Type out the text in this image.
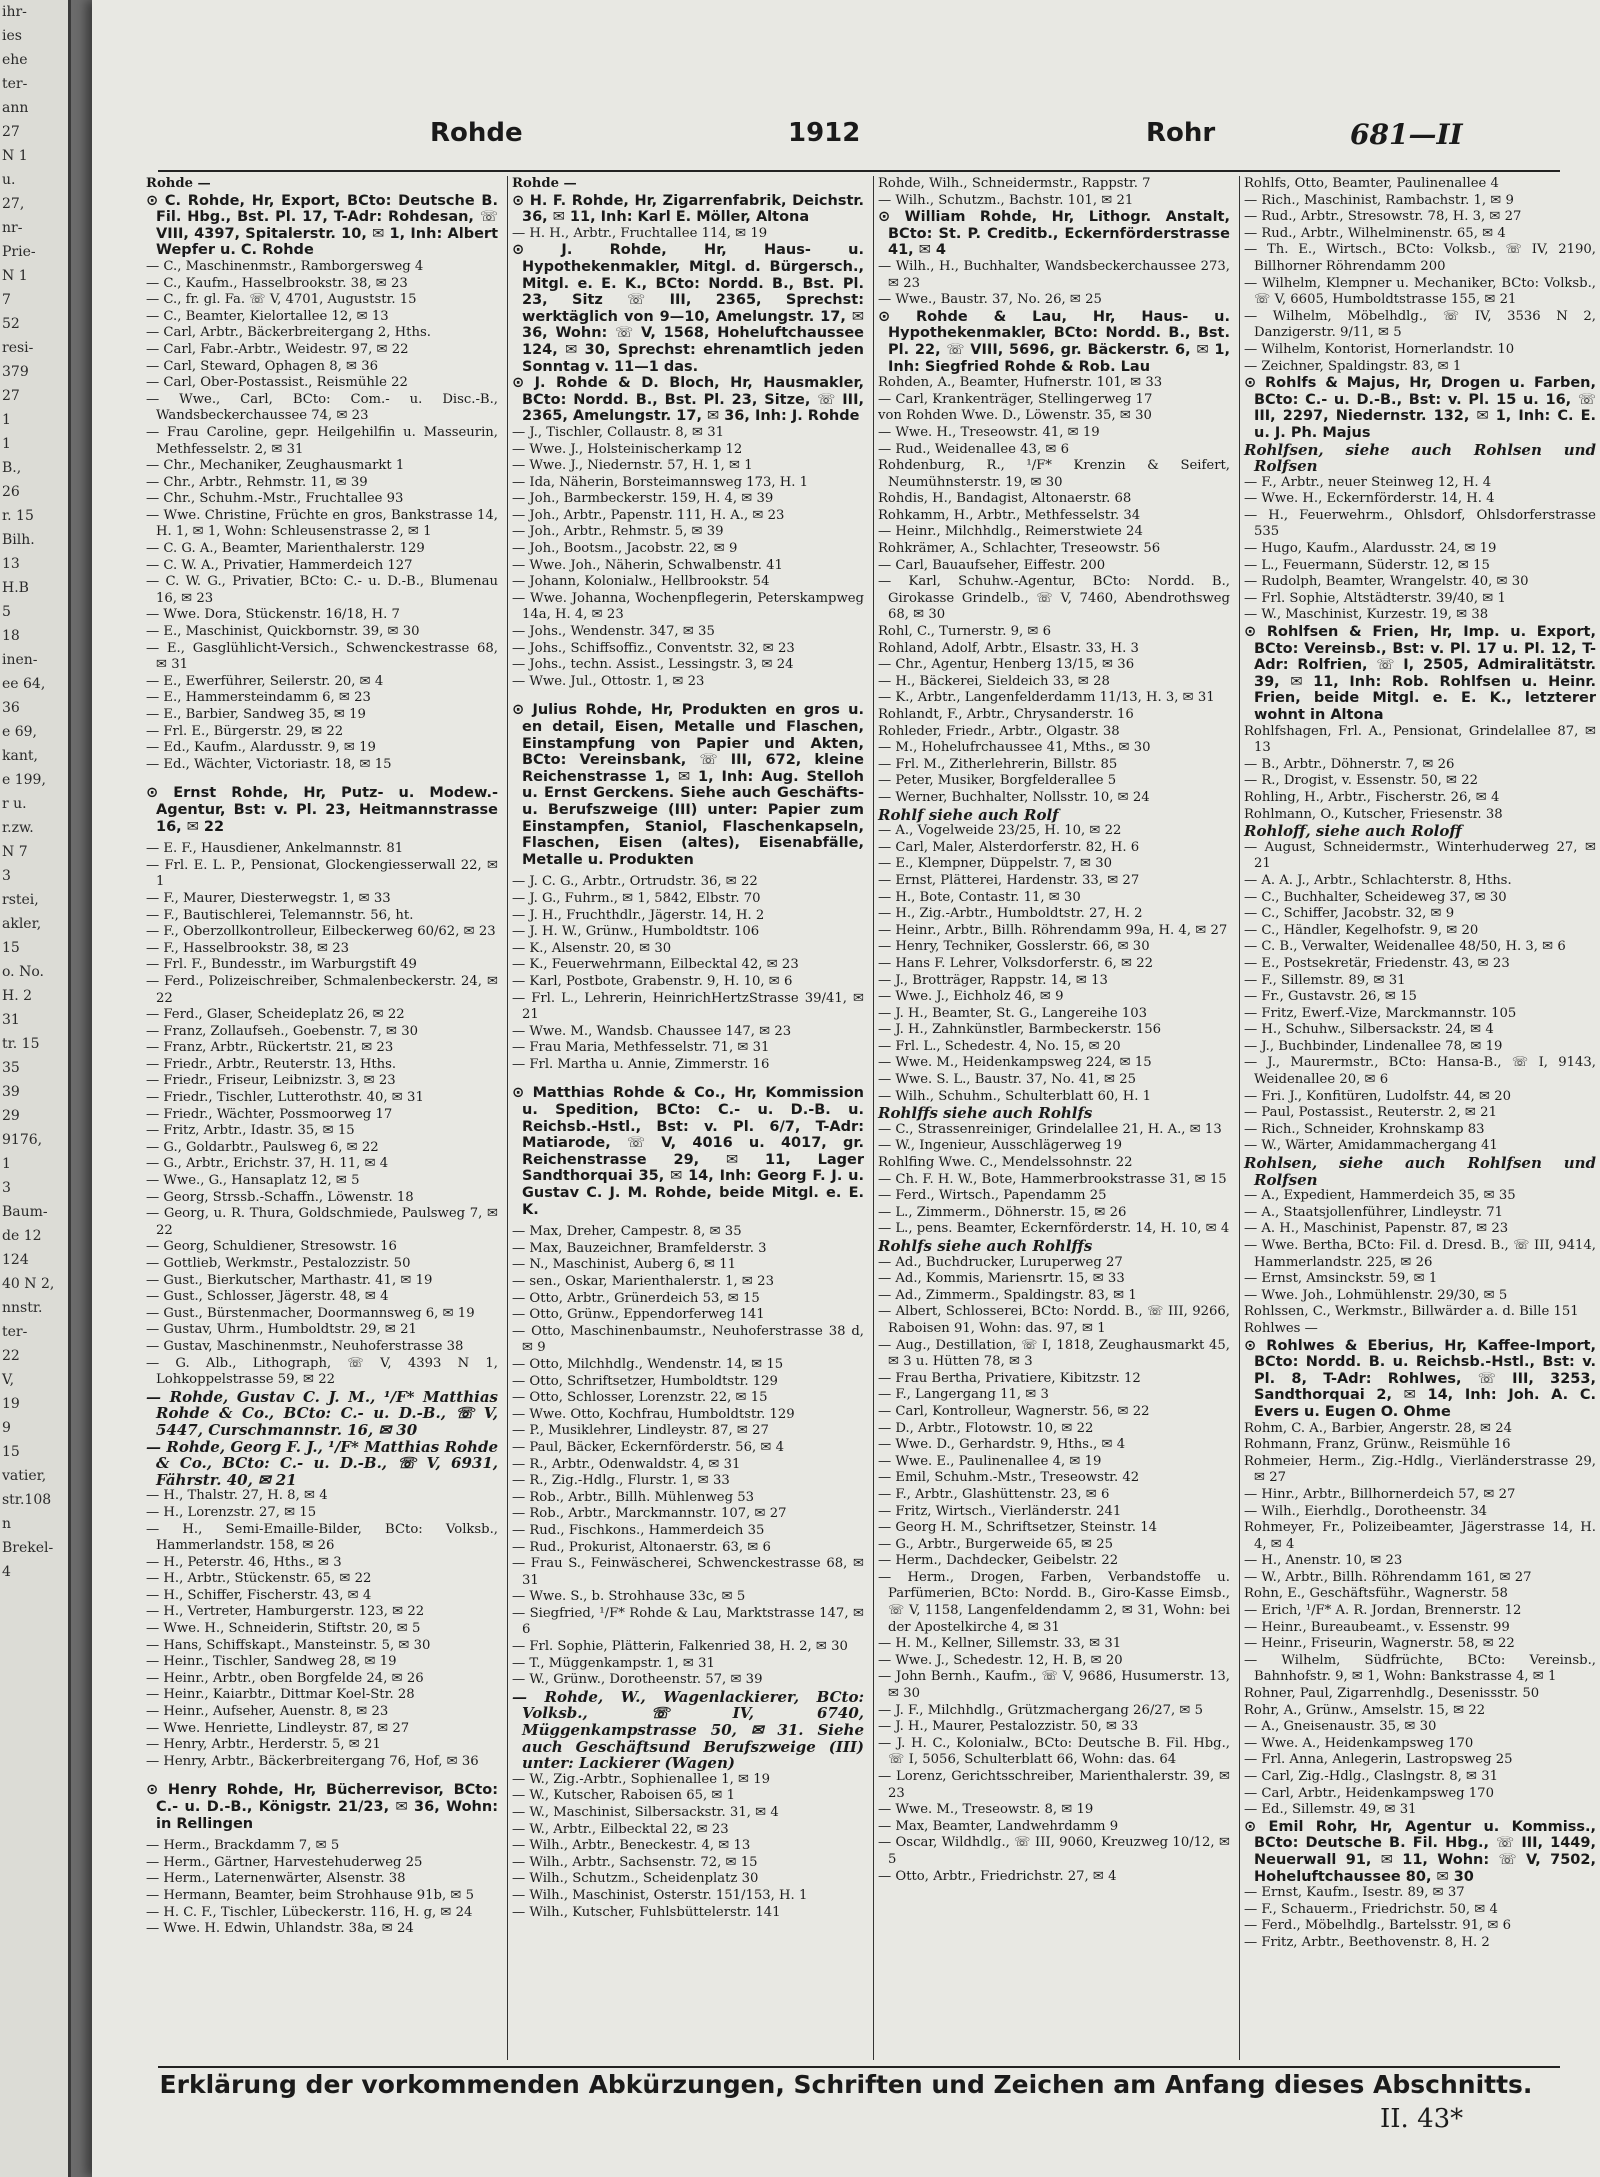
ihr-
ies
ehe
ter-
ann
27
N 1
u.
27,
nr-
Prie-
N 1
7
52
resi-
379
27
1
1
B.,
26
r. 15
Bilh.
13
H.B
5
18
inen-
ee 64,
36
e 69,
kant,
e 199,
r u.
r.zw.
N 7
3
rstei,
akler,
15
o. No.
H. 2
31
tr. 15
35
39
29
9176,
1
3
Baum-
de 12
124
40 N 2,
nnstr.
ter-
22
V,
19
9
15
vatier,
str.108
n
Brekel-
4
Rohde	1912	Rohr	681—II

Rohde —

⊙ C. Rohde, Hr, Export, BCto: Deutsche B. Fil. Hbg., Bst. Pl. 17, T-Adr: Rohdesan, ☏ VIII, 4397, Spitalerstr. 10, ✉ 1, Inh: Albert Wepfer u. C. Rohde

— C., Maschinenmstr., Ramborgersweg 4

— C., Kaufm., Hasselbrookstr. 38, ✉ 23

— C., fr. gl. Fa. ☏ V, 4701, Auguststr. 15

— C., Beamter, Kielortallee 12, ✉ 13

— Carl, Arbtr., Bäckerbreitergang 2, Hths.

— Carl, Fabr.-Arbtr., Weidestr. 97, ✉ 22

— Carl, Steward, Ophagen 8, ✉ 36

— Carl, Ober-Postassist., Reismühle 22

— Wwe., Carl, BCto: Com.- u. Disc.-B., Wandsbeckerchaussee 74, ✉ 23

— Frau Caroline, gepr. Heilgehilfin u. Masseurin, Methfesselstr. 2, ✉ 31

— Chr., Mechaniker, Zeughausmarkt 1

— Chr., Arbtr., Rehmstr. 11, ✉ 39

— Chr., Schuhm.-Mstr., Fruchtallee 93

— Wwe. Christine, Früchte en gros, Bankstrasse 14, H. 1, ✉ 1, Wohn: Schleusenstrasse 2, ✉ 1

— C. G. A., Beamter, Marienthalerstr. 129

— C. W. A., Privatier, Hammerdeich 127

— C. W. G., Privatier, BCto: C.- u. D.-B., Blumenau 16, ✉ 23

— Wwe. Dora, Stückenstr. 16/18, H. 7

— E., Maschinist, Quickbornstr. 39, ✉ 30

— E., Gasglühlicht-Versich., Schwenckestrasse 68, ✉ 31

— E., Ewerführer, Seilerstr. 20, ✉ 4

— E., Hammersteindamm 6, ✉ 23

— E., Barbier, Sandweg 35, ✉ 19

— Frl. E., Bürgerstr. 29, ✉ 22

— Ed., Kaufm., Alardusstr. 9, ✉ 19

— Ed., Wächter, Victoriastr. 18, ✉ 15

⊙ Ernst Rohde, Hr, Putz- u. Modew.-Agentur, Bst: v. Pl. 23, Heitmannstrasse 16, ✉ 22

— E. F., Hausdiener, Ankelmannstr. 81

— Frl. E. L. P., Pensionat, Glockengiesserwall 22, ✉ 1

— F., Maurer, Diesterwegstr. 1, ✉ 33

— F., Bautischlerei, Telemannstr. 56, ht.

— F., Oberzollkontrolleur, Eilbeckerweg 60/62, ✉ 23

— F., Hasselbrookstr. 38, ✉ 23

— Frl. F., Bundesstr., im Warburgstift 49

— Ferd., Polizeischreiber, Schmalenbeckerstr. 24, ✉ 22

— Ferd., Glaser, Scheideplatz 26, ✉ 22

— Franz, Zollaufseh., Goebenstr. 7, ✉ 30

— Franz, Arbtr., Rückertstr. 21, ✉ 23

— Friedr., Arbtr., Reuterstr. 13, Hths.

— Friedr., Friseur, Leibnizstr. 3, ✉ 23

— Friedr., Tischler, Lutterothstr. 40, ✉ 31

— Friedr., Wächter, Possmoorweg 17

— Fritz, Arbtr., Idastr. 35, ✉ 15

— G., Goldarbtr., Paulsweg 6, ✉ 22

— G., Arbtr., Erichstr. 37, H. 11, ✉ 4

— Wwe., G., Hansaplatz 12, ✉ 5

— Georg, Strssb.-Schaffn., Löwenstr. 18

— Georg, u. R. Thura, Goldschmiede, Paulsweg 7, ✉ 22

— Georg, Schuldiener, Stresowstr. 16

— Gottlieb, Werkmstr., Pestalozzistr. 50

— Gust., Bierkutscher, Marthastr. 41, ✉ 19

— Gust., Schlosser, Jägerstr. 48, ✉ 4

— Gust., Bürstenmacher, Doormannsweg 6, ✉ 19

— Gustav, Uhrm., Humboldtstr. 29, ✉ 21

— Gustav, Maschinenmstr., Neuhoferstrasse 38

— G. Alb., Lithograph, ☏ V, 4393 N 1, Lohkoppelstrasse 59, ✉ 22

— Rohde, Gustav C. J. M., ¹/F* Matthias Rohde & Co., BCto: C.- u. D.-B., ☏ V, 5447, Curschmannstr. 16, ✉ 30

— Rohde, Georg F. J., ¹/F* Matthias Rohde & Co., BCto: C.- u. D.-B., ☏ V, 6931, Fährstr. 40, ✉ 21

— H., Thalstr. 27, H. 8, ✉ 4

— H., Lorenzstr. 27, ✉ 15

— H., Semi-Emaille-Bilder, BCto: Volksb., Hammerlandstr. 158, ✉ 26

— H., Peterstr. 46, Hths., ✉ 3

— H., Arbtr., Stückenstr. 65, ✉ 22

— H., Schiffer, Fischerstr. 43, ✉ 4

— H., Vertreter, Hamburgerstr. 123, ✉ 22

— Wwe. H., Schneiderin, Stiftstr. 20, ✉ 5

— Hans, Schiffskapt., Mansteinstr. 5, ✉ 30

— Heinr., Tischler, Sandweg 28, ✉ 19

— Heinr., Arbtr., oben Borgfelde 24, ✉ 26

— Heinr., Kaiarbtr., Dittmar Koel-Str. 28

— Heinr., Aufseher, Auenstr. 8, ✉ 23

— Wwe. Henriette, Lindleystr. 87, ✉ 27

— Henry, Arbtr., Herderstr. 5, ✉ 21

— Henry, Arbtr., Bäckerbreitergang 76, Hof, ✉ 36

⊙ Henry Rohde, Hr, Bücherrevisor, BCto: C.- u. D.-B., Königstr. 21/23, ✉ 36, Wohn: in Rellingen

— Herm., Brackdamm 7, ✉ 5

— Herm., Gärtner, Harvestehuderweg 25

— Herm., Laternenwärter, Alsenstr. 38

— Hermann, Beamter, beim Strohhause 91b, ✉ 5

— H. C. F., Tischler, Lübeckerstr. 116, H. g, ✉ 24

— Wwe. H. Edwin, Uhlandstr. 38a, ✉ 24

Rohde —

⊙ H. F. Rohde, Hr, Zigarrenfabrik, Deichstr. 36, ✉ 11, Inh: Karl E. Möller, Altona

— H. H., Arbtr., Fruchtallee 114, ✉ 19

⊙ J. Rohde, Hr, Haus- u. Hypothekenmakler, Mitgl. d. Bürgersch., Mitgl. e. E. K., BCto: Nordd. B., Bst. Pl. 23, Sitz ☏ III, 2365, Sprechst: werktäglich von 9—10, Amelungstr. 17, ✉ 36, Wohn: ☏ V, 1568, Hoheluftchaussee 124, ✉ 30, Sprechst: ehrenamtlich jeden Sonntag v. 11—1 das.

⊙ J. Rohde & D. Bloch, Hr, Hausmakler, BCto: Nordd. B., Bst. Pl. 23, Sitze, ☏ III, 2365, Amelungstr. 17, ✉ 36, Inh: J. Rohde

— J., Tischler, Collaustr. 8, ✉ 31

— Wwe. J., Holsteinischerkamp 12

— Wwe. J., Niedernstr. 57, H. 1, ✉ 1

— Ida, Näherin, Borsteimannsweg 173, H. 1

— Joh., Barmbeckerstr. 159, H. 4, ✉ 39

— Joh., Arbtr., Papenstr. 111, H. A., ✉ 23

— Joh., Arbtr., Rehmstr. 5, ✉ 39

— Joh., Bootsm., Jacobstr. 22, ✉ 9

— Wwe. Joh., Näherin, Schwalbenstr. 41

— Johann, Kolonialw., Hellbrookstr. 54

— Wwe. Johanna, Wochenpflegerin, Peterskampweg 14a, H. 4, ✉ 23

— Johs., Wendenstr. 347, ✉ 35

— Johs., Schiffsoffiz., Conventstr. 32, ✉ 23

— Johs., techn. Assist., Lessingstr. 3, ✉ 24

— Wwe. Jul., Ottostr. 1, ✉ 23

⊙ Julius Rohde, Hr, Produkten en gros u. en detail, Eisen, Metalle und Flaschen, Einstampfung von Papier und Akten, BCto: Vereinsbank, ☏ III, 672, kleine Reichenstrasse 1, ✉ 1, Inh: Aug. Stelloh u. Ernst Gerckens. Siehe auch Geschäfts- u. Berufszweige (III) unter: Papier zum Einstampfen, Staniol, Flaschenkapseln, Flaschen, Eisen (altes), Eisenabfälle, Metalle u. Produkten

— J. C. G., Arbtr., Ortrudstr. 36, ✉ 22

— J. G., Fuhrm., ✉ 1, 5842, Elbstr. 70

— J. H., Fruchthdlr., Jägerstr. 14, H. 2

— J. H. W., Grünw., Humboldtstr. 106

— K., Alsenstr. 20, ✉ 30

— K., Feuerwehrmann, Eilbecktal 42, ✉ 23

— Karl, Postbote, Grabenstr. 9, H. 10, ✉ 6

— Frl. L., Lehrerin, HeinrichHertzStrasse 39/41, ✉ 21

— Wwe. M., Wandsb. Chaussee 147, ✉ 23

— Frau Maria, Methfesselstr. 71, ✉ 31

— Frl. Martha u. Annie, Zimmerstr. 16

⊙ Matthias Rohde & Co., Hr, Kommission u. Spedition, BCto: C.- u. D.-B. u. Reichsb.-Hstl., Bst: v. Pl. 6/7, T-Adr: Matiarode, ☏ V, 4016 u. 4017, gr. Reichenstrasse 29, ✉ 11, Lager Sandthorquai 35, ✉ 14, Inh: Georg F. J. u. Gustav C. J. M. Rohde, beide Mitgl. e. E. K.

— Max, Dreher, Campestr. 8, ✉ 35

— Max, Bauzeichner, Bramfelderstr. 3

— N., Maschinist, Auberg 6, ✉ 11

— sen., Oskar, Marienthalerstr. 1, ✉ 23

— Otto, Arbtr., Grünerdeich 53, ✉ 15

— Otto, Grünw., Eppendorferweg 141

— Otto, Maschinenbaumstr., Neuhoferstrasse 38 d, ✉ 9

— Otto, Milchhdlg., Wendenstr. 14, ✉ 15

— Otto, Schriftsetzer, Humboldtstr. 129

— Otto, Schlosser, Lorenzstr. 22, ✉ 15

— Wwe. Otto, Kochfrau, Humboldtstr. 129

— P., Musiklehrer, Lindleystr. 87, ✉ 27

— Paul, Bäcker, Eckernförderstr. 56, ✉ 4

— R., Arbtr., Odenwaldstr. 4, ✉ 31

— R., Zig.-Hdlg., Flurstr. 1, ✉ 33

— Rob., Arbtr., Billh. Mühlenweg 53

— Rob., Arbtr., Marckmannstr. 107, ✉ 27

— Rud., Fischkons., Hammerdeich 35

— Rud., Prokurist, Altonaerstr. 63, ✉ 6

— Frau S., Feinwäscherei, Schwenckestrasse 68, ✉ 31

— Wwe. S., b. Strohhause 33c, ✉ 5

— Siegfried, ¹/F* Rohde & Lau, Marktstrasse 147, ✉ 6

— Frl. Sophie, Plätterin, Falkenried 38, H. 2, ✉ 30

— T., Müggenkampstr. 1, ✉ 31

— W., Grünw., Dorotheenstr. 57, ✉ 39

— Rohde, W., Wagenlackierer, BCto: Volksb., ☏ IV, 6740, Müggenkampstrasse 50, ✉ 31. Siehe auch Geschäftsund Berufszweige (III) unter: Lackierer (Wagen)

— W., Zig.-Arbtr., Sophienallee 1, ✉ 19

— W., Kutscher, Raboisen 65, ✉ 1

— W., Maschinist, Silbersackstr. 31, ✉ 4

— W., Arbtr., Eilbecktal 22, ✉ 23

— Wilh., Arbtr., Beneckestr. 4, ✉ 13

— Wilh., Arbtr., Sachsenstr. 72, ✉ 15

— Wilh., Schutzm., Scheidenplatz 30

— Wilh., Maschinist, Osterstr. 151/153, H. 1

— Wilh., Kutscher, Fuhlsbüttelerstr. 141

Rohde, Wilh., Schneidermstr., Rappstr. 7

— Wilh., Schutzm., Bachstr. 101, ✉ 21

⊙ William Rohde, Hr, Lithogr. Anstalt, BCto: St. P. Creditb., Eckernförderstrasse 41, ✉ 4

— Wilh., H., Buchhalter, Wandsbeckerchaussee 273, ✉ 23

— Wwe., Baustr. 37, No. 26, ✉ 25

⊙ Rohde & Lau, Hr, Haus- u. Hypothekenmakler, BCto: Nordd. B., Bst. Pl. 22, ☏ VIII, 5696, gr. Bäckerstr. 6, ✉ 1, Inh: Siegfried Rohde & Rob. Lau

Rohden, A., Beamter, Hufnerstr. 101, ✉ 33

— Carl, Krankenträger, Stellingerweg 17

von Rohden Wwe. D., Löwenstr. 35, ✉ 30

— Wwe. H., Treseowstr. 41, ✉ 19

— Rud., Weidenallee 43, ✉ 6

Rohdenburg, R., ¹/F* Krenzin & Seifert, Neumühnsterstr. 19, ✉ 30

Rohdis, H., Bandagist, Altonaerstr. 68

Rohkamm, H., Arbtr., Methfesselstr. 34

— Heinr., Milchhdlg., Reimerstwiete 24

Rohkrämer, A., Schlachter, Treseowstr. 56

— Carl, Bauaufseher, Eiffestr. 200

— Karl, Schuhw.-Agentur, BCto: Nordd. B., Girokasse Grindelb., ☏ V, 7460, Abendrothsweg 68, ✉ 30

Rohl, C., Turnerstr. 9, ✉ 6

Rohland, Adolf, Arbtr., Elsastr. 33, H. 3

— Chr., Agentur, Henberg 13/15, ✉ 36

— H., Bäckerei, Sieldeich 33, ✉ 28

— K., Arbtr., Langenfelderdamm 11/13, H. 3, ✉ 31

Rohlandt, F., Arbtr., Chrysanderstr. 16

Rohleder, Friedr., Arbtr., Olgastr. 38

— M., Hohelufrchaussee 41, Mths., ✉ 30

— Frl. M., Zitherlehrerin, Billstr. 85

— Peter, Musiker, Borgfelderallee 5

— Werner, Buchhalter, Nollsstr. 10, ✉ 24

Rohlf siehe auch Rolf

— A., Vogelweide 23/25, H. 10, ✉ 22

— Carl, Maler, Alsterdorferstr. 82, H. 6

— E., Klempner, Düppelstr. 7, ✉ 30

— Ernst, Plätterei, Hardenstr. 33, ✉ 27

— H., Bote, Contastr. 11, ✉ 30

— H., Zig.-Arbtr., Humboldtstr. 27, H. 2

— Heinr., Arbtr., Billh. Röhrendamm 99a, H. 4, ✉ 27

— Henry, Techniker, Gosslerstr. 66, ✉ 30

— Hans F. Lehrer, Volksdorferstr. 6, ✉ 22

— J., Brotträger, Rappstr. 14, ✉ 13

— Wwe. J., Eichholz 46, ✉ 9

— J. H., Beamter, St. G., Langereihe 103

— J. H., Zahnkünstler, Barmbeckerstr. 156

— Frl. L., Schedestr. 4, No. 15, ✉ 20

— Wwe. M., Heidenkampsweg 224, ✉ 15

— Wwe. S. L., Baustr. 37, No. 41, ✉ 25

— Wilh., Schuhm., Schulterblatt 60, H. 1

Rohlffs siehe auch Rohlfs

— C., Strassenreiniger, Grindelallee 21, H. A., ✉ 13

— W., Ingenieur, Ausschlägerweg 19

Rohlfing Wwe. C., Mendelssohnstr. 22

— Ch. F. H. W., Bote, Hammerbrookstrasse 31, ✉ 15

— Ferd., Wirtsch., Papendamm 25

— L., Zimmerm., Döhnerstr. 15, ✉ 26

— L., pens. Beamter, Eckernförderstr. 14, H. 10, ✉ 4

Rohlfs siehe auch Rohlffs

— Ad., Buchdrucker, Luruperweg 27

— Ad., Kommis, Mariensrtr. 15, ✉ 33

— Ad., Zimmerm., Spaldingstr. 83, ✉ 1

— Albert, Schlosserei, BCto: Nordd. B., ☏ III, 9266, Raboisen 91, Wohn: das. 97, ✉ 1

— Aug., Destillation, ☏ I, 1818, Zeughausmarkt 45, ✉ 3 u. Hütten 78, ✉ 3

— Frau Bertha, Privatiere, Kibitzstr. 12

— F., Langergang 11, ✉ 3

— Carl, Kontrolleur, Wagnerstr. 56, ✉ 22

— D., Arbtr., Flotowstr. 10, ✉ 22

— Wwe. D., Gerhardstr. 9, Hths., ✉ 4

— Wwe. E., Paulinenallee 4, ✉ 19

— Emil, Schuhm.-Mstr., Treseowstr. 42

— F., Arbtr., Glashüttenstr. 23, ✉ 6

— Fritz, Wirtsch., Vierländerstr. 241

— Georg H. M., Schriftsetzer, Steinstr. 14

— G., Arbtr., Burgerweide 65, ✉ 25

— Herm., Dachdecker, Geibelstr. 22

— Herm., Drogen, Farben, Verbandstoffe u. Parfümerien, BCto: Nordd. B., Giro-Kasse Eimsb., ☏ V, 1158, Langenfeldendamm 2, ✉ 31, Wohn: bei der Apostelkirche 4, ✉ 31

— H. M., Kellner, Sillemstr. 33, ✉ 31

— Wwe. J., Schedestr. 12, H. B, ✉ 20

— John Bernh., Kaufm., ☏ V, 9686, Husumerstr. 13, ✉ 30

— J. F., Milchhdlg., Grützmachergang 26/27, ✉ 5

— J. H., Maurer, Pestalozzistr. 50, ✉ 33

— J. H. C., Kolonialw., BCto: Deutsche B. Fil. Hbg., ☏ I, 5056, Schulterblatt 66, Wohn: das. 64

— Lorenz, Gerichtsschreiber, Marienthalerstr. 39, ✉ 23

— Wwe. M., Treseowstr. 8, ✉ 19

— Max, Beamter, Landwehrdamm 9

— Oscar, Wildhdlg., ☏ III, 9060, Kreuzweg 10/12, ✉ 5

— Otto, Arbtr., Friedrichstr. 27, ✉ 4

Rohlfs, Otto, Beamter, Paulinenallee 4

— Rich., Maschinist, Rambachstr. 1, ✉ 9

— Rud., Arbtr., Stresowstr. 78, H. 3, ✉ 27

— Rud., Arbtr., Wilhelminenstr. 65, ✉ 4

— Th. E., Wirtsch., BCto: Volksb., ☏ IV, 2190, Billhorner Röhrendamm 200

— Wilhelm, Klempner u. Mechaniker, BCto: Volksb., ☏ V, 6605, Humboldtstrasse 155, ✉ 21

— Wilhelm, Möbelhdlg., ☏ IV, 3536 N 2, Danzigerstr. 9/11, ✉ 5

— Wilhelm, Kontorist, Hornerlandstr. 10

— Zeichner, Spaldingstr. 83, ✉ 1

⊙ Rohlfs & Majus, Hr, Drogen u. Farben, BCto: C.- u. D.-B., Bst: v. Pl. 15 u. 16, ☏ III, 2297, Niedernstr. 132, ✉ 1, Inh: C. E. u. J. Ph. Majus

Rohlfsen, siehe auch Rohlsen und Rolfsen

— F., Arbtr., neuer Steinweg 12, H. 4

— Wwe. H., Eckernförderstr. 14, H. 4

— H., Feuerwehrm., Ohlsdorf, Ohlsdorferstrasse 535

— Hugo, Kaufm., Alardusstr. 24, ✉ 19

— L., Feuermann, Süderstr. 12, ✉ 15

— Rudolph, Beamter, Wrangelstr. 40, ✉ 30

— Frl. Sophie, Altstädterstr. 39/40, ✉ 1

— W., Maschinist, Kurzestr. 19, ✉ 38

⊙ Rohlfsen & Frien, Hr, Imp. u. Export, BCto: Vereinsb., Bst: v. Pl. 17 u. Pl. 12, T-Adr: Rolfrien, ☏ I, 2505, Admiralitätstr. 39, ✉ 11, Inh: Rob. Rohlfsen u. Heinr. Frien, beide Mitgl. e. E. K., letzterer wohnt in Altona

Rohlfshagen, Frl. A., Pensionat, Grindelallee 87, ✉ 13

— B., Arbtr., Döhnerstr. 7, ✉ 26

— R., Drogist, v. Essenstr. 50, ✉ 22

Rohling, H., Arbtr., Fischerstr. 26, ✉ 4

Rohlmann, O., Kutscher, Friesenstr. 38

Rohloff, siehe auch Roloff

— August, Schneidermstr., Winterhuderweg 27, ✉ 21

— A. A. J., Arbtr., Schlachterstr. 8, Hths.

— C., Buchhalter, Scheideweg 37, ✉ 30

— C., Schiffer, Jacobstr. 32, ✉ 9

— C., Händler, Kegelhofstr. 9, ✉ 20

— C. B., Verwalter, Weidenallee 48/50, H. 3, ✉ 6

— E., Postsekretär, Friedenstr. 43, ✉ 23

— F., Sillemstr. 89, ✉ 31

— Fr., Gustavstr. 26, ✉ 15

— Fritz, Ewerf.-Vize, Marckmannstr. 105

— H., Schuhw., Silbersackstr. 24, ✉ 4

— J., Buchbinder, Lindenallee 78, ✉ 19

— J., Maurermstr., BCto: Hansa-B., ☏ I, 9143, Weidenallee 20, ✉ 6

— Fri. J., Konfitüren, Ludolfstr. 44, ✉ 20

— Paul, Postassist., Reuterstr. 2, ✉ 21

— Rich., Schneider, Krohnskamp 83

— W., Wärter, Amidammachergang 41

Rohlsen, siehe auch Rohlfsen und Rolfsen

— A., Expedient, Hammerdeich 35, ✉ 35

— A., Staatsjollenführer, Lindleystr. 71

— A. H., Maschinist, Papenstr. 87, ✉ 23

— Wwe. Bertha, BCto: Fil. d. Dresd. B., ☏ III, 9414, Hammerlandstr. 225, ✉ 26

— Ernst, Amsinckstr. 59, ✉ 1

— Wwe. Joh., Lohmühlenstr. 29/30, ✉ 5

Rohlssen, C., Werkmstr., Billwärder a. d. Bille 151

Rohlwes —

⊙ Rohlwes & Eberius, Hr, Kaffee-Import, BCto: Nordd. B. u. Reichsb.-Hstl., Bst: v. Pl. 8, T-Adr: Rohlwes, ☏ III, 3253, Sandthorquai 2, ✉ 14, Inh: Joh. A. C. Evers u. Eugen O. Ohme

Rohm, C. A., Barbier, Angerstr. 28, ✉ 24

Rohmann, Franz, Grünw., Reismühle 16

Rohmeier, Herm., Zig.-Hdlg., Vierländerstrasse 29, ✉ 27

— Hinr., Arbtr., Billhornerdeich 57, ✉ 27

— Wilh., Eierhdlg., Dorotheenstr. 34

Rohmeyer, Fr., Polizeibeamter, Jägerstrasse 14, H. 4, ✉ 4

— H., Anenstr. 10, ✉ 23

— W., Arbtr., Billh. Röhrendamm 161, ✉ 27

Rohn, E., Geschäftsführ., Wagnerstr. 58

— Erich, ¹/F* A. R. Jordan, Brennerstr. 12

— Heinr., Bureaubeamt., v. Essenstr. 99

— Heinr., Friseurin, Wagnerstr. 58, ✉ 22

— Wilhelm, Südfrüchte, BCto: Vereinsb., Bahnhofstr. 9, ✉ 1, Wohn: Bankstrasse 4, ✉ 1

Rohner, Paul, Zigarrenhdlg., Desenissstr. 50

Rohr, A., Grünw., Amselstr. 15, ✉ 22

— A., Gneisenaustr. 35, ✉ 30

— Wwe. A., Heidenkampsweg 170

— Frl. Anna, Anlegerin, Lastropsweg 25

— Carl, Zig.-Hdlg., Claslngstr. 8, ✉ 31

— Carl, Arbtr., Heidenkampsweg 170

— Ed., Sillemstr. 49, ✉ 31

⊙ Emil Rohr, Hr, Agentur u. Kommiss., BCto: Deutsche B. Fil. Hbg., ☏ III, 1449, Neuerwall 91, ✉ 11, Wohn: ☏ V, 7502, Hoheluftchaussee 80, ✉ 30

— Ernst, Kaufm., Isestr. 89, ✉ 37

— F., Schauerm., Friedrichstr. 50, ✉ 4

— Ferd., Möbelhdlg., Bartelsstr. 91, ✉ 6

— Fritz, Arbtr., Beethovenstr. 8, H. 2

Erklärung der vorkommenden Abkürzungen, Schriften und Zeichen am Anfang dieses Abschnitts.
II. 43*
